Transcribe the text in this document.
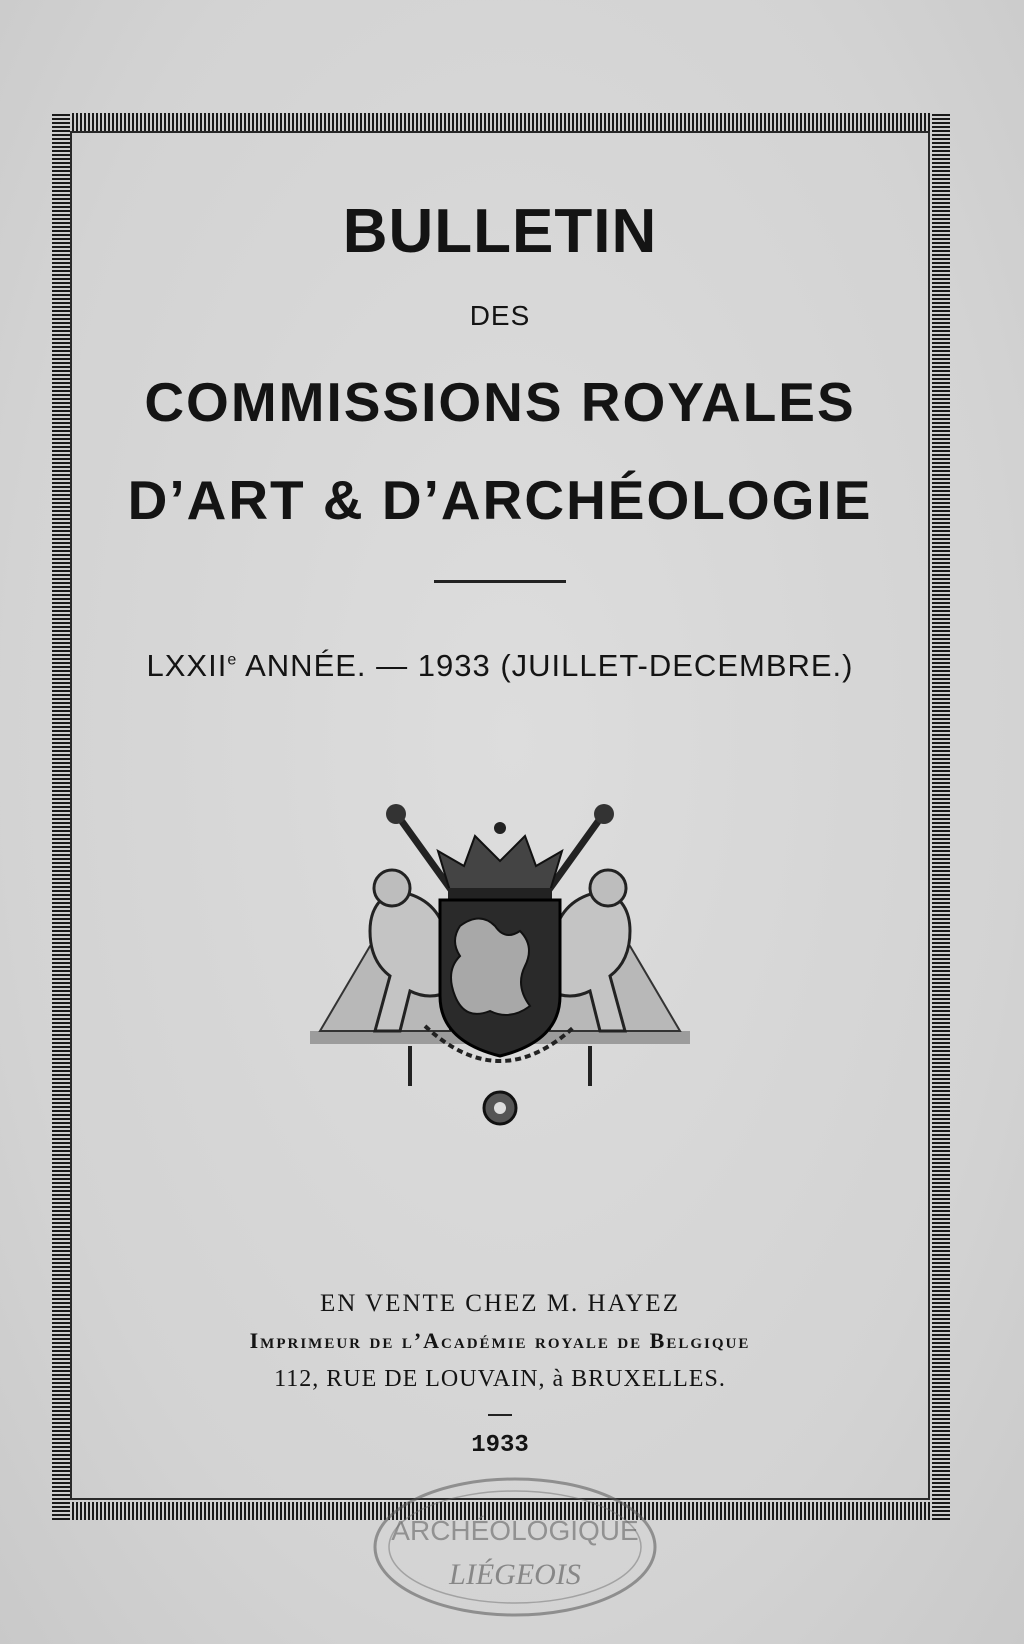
BULLETIN
DES
COMMISSIONS ROYALES
D’ART & D’ARCHÉOLOGIE
LXXIIe ANNÉE. — 1933 (JUILLET-DECEMBRE.)
EN VENTE CHEZ M. HAYEZ
Imprimeur de l’Académie royale de Belgique
112, RUE DE LOUVAIN, à BRUXELLES.
1933
ARCHÉOLOGIQUE
LIÉGEOIS
